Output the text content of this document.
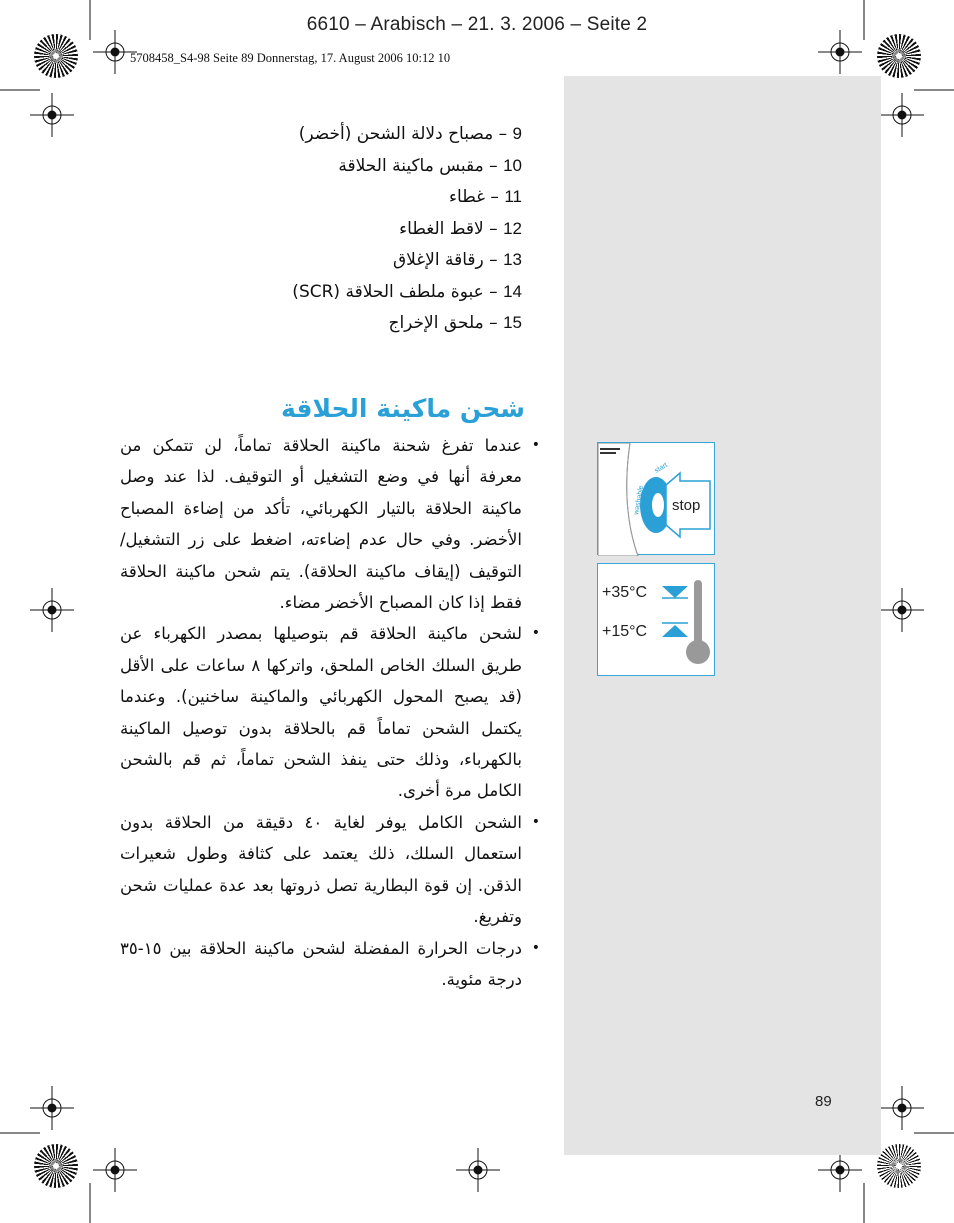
6610 – Arabisch – 21. 3. 2006 – Seite 2
5708458_S4-98 Seite 89 Donnerstag, 17. August 2006 10:12 10
9 – مصباح دلالة الشحن (أخضر)
10 – مقبس ماكينة الحلاقة
11 – غطاء
12 – لاقط الغطاء
13 – رقاقة الإغلاق
14 – عبوة ملطف الحلاقة (SCR)
15 – ملحق الإخراج
شحن ماكينة الحلاقة
•
عندما تفرغ شحنة ماكينة الحلاقة تماماً، لن تتمكن من معرفة أنها في وضع التشغيل أو التوقيف. لذا عند وصل ماكينة الحلاقة بالتيار الكهربائي، تأكد من إضاءة المصباح الأخضر. وفي حال عدم إضاءته، اضغط على زر التشغيل/التوقيف (إيقاف ماكينة الحلاقة). يتم شحن ماكينة الحلاقة فقط إذا كان المصباح الأخضر مضاء.
•
لشحن ماكينة الحلاقة قم بتوصيلها بمصدر الكهرباء عن طريق السلك الخاص الملحق، واتركها ٨ ساعات على الأقل (قد يصبح المحول الكهربائي والماكينة ساخنين). وعندما يكتمل الشحن تماماً قم بالحلاقة بدون توصيل الماكينة بالكهرباء، وذلك حتى ينفذ الشحن تماماً، ثم قم بالشحن الكامل مرة أخرى.
•
الشحن الكامل يوفر لغاية ٤٠ دقيقة من الحلاقة بدون استعمال السلك، ذلك يعتمد على كثافة وطول شعيرات الذقن. إن قوة البطارية تصل ذروتها بعد عدة عمليات شحن وتفريغ.
•
درجات الحرارة المفضلة لشحن ماكينة الحلاقة بين ١٥-٣٥ درجة مئوية.
stop
start
washable
+35°C
+15°C
89
